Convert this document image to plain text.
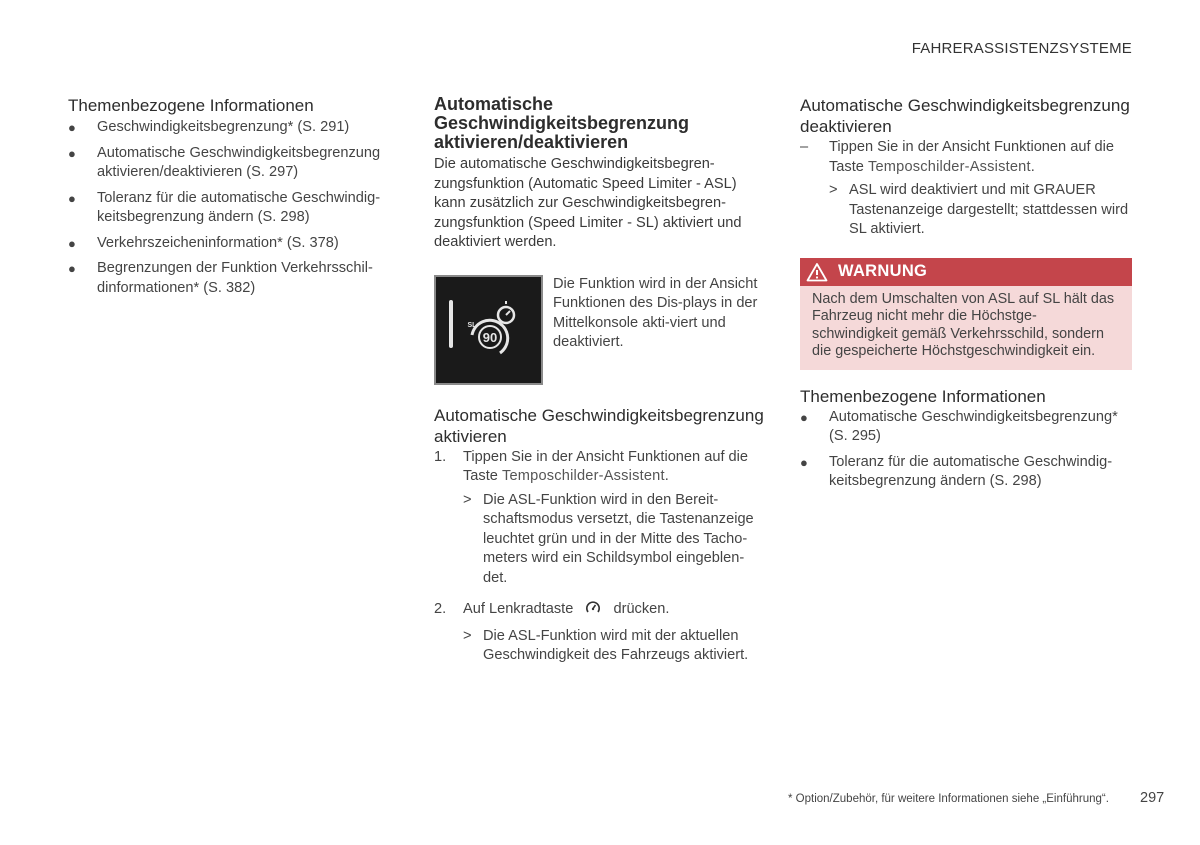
FAHRERASSISTENZSYSTEME
Themenbezogene Informationen
● Geschwindigkeitsbegrenzung* (S. 291)
● Automatische Geschwindigkeitsbegrenzung aktivieren/deaktivieren (S. 297)
● Toleranz für die automatische Geschwindig-keitsbegrenzung ändern (S. 298)
● Verkehrszeicheninformation* (S. 378)
● Begrenzungen der Funktion Verkehrsschil-dinformationen* (S. 382)
Automatische Geschwindigkeitsbegrenzung aktivieren/deaktivieren
Die automatische Geschwindigkeitsbegren-zungsfunktion (Automatic Speed Limiter - ASL) kann zusätzlich zur Geschwindigkeitsbegren-zungsfunktion (Speed Limiter - SL) aktiviert und deaktiviert werden.
90
SL
Die Funktion wird in der Ansicht Funktionen des Dis-plays in der Mittelkonsole akti-viert und deaktiviert.
Automatische Geschwindigkeitsbegrenzung aktivieren
1. Tippen Sie in der Ansicht Funktionen auf die Taste Temposchilder-Assistent.
> Die ASL-Funktion wird in den Bereit-schaftsmodus versetzt, die Tastenanzeige leuchtet grün und in der Mitte des Tacho-meters wird ein Schildsymbol eingeblen-det.
2. Auf Lenkradtaste	drücken.
> Die ASL-Funktion wird mit der aktuellen Geschwindigkeit des Fahrzeugs aktiviert.
Automatische Geschwindigkeitsbegrenzung deaktivieren
– Tippen Sie in der Ansicht Funktionen auf die Taste Temposchilder-Assistent.
> ASL wird deaktiviert und mit GRAUER Tastenanzeige dargestellt; stattdessen wird SL aktiviert.
WARNUNG
Nach dem Umschalten von ASL auf SL hält das Fahrzeug nicht mehr die Höchstge-schwindigkeit gemäß Verkehrsschild, sondern die gespeicherte Höchstgeschwindigkeit ein.
Themenbezogene Informationen
● Automatische Geschwindigkeitsbegrenzung* (S. 295)
● Toleranz für die automatische Geschwindig-keitsbegrenzung ändern (S. 298)
* Option/Zubehör, für weitere Informationen siehe „Einführung“. 297
